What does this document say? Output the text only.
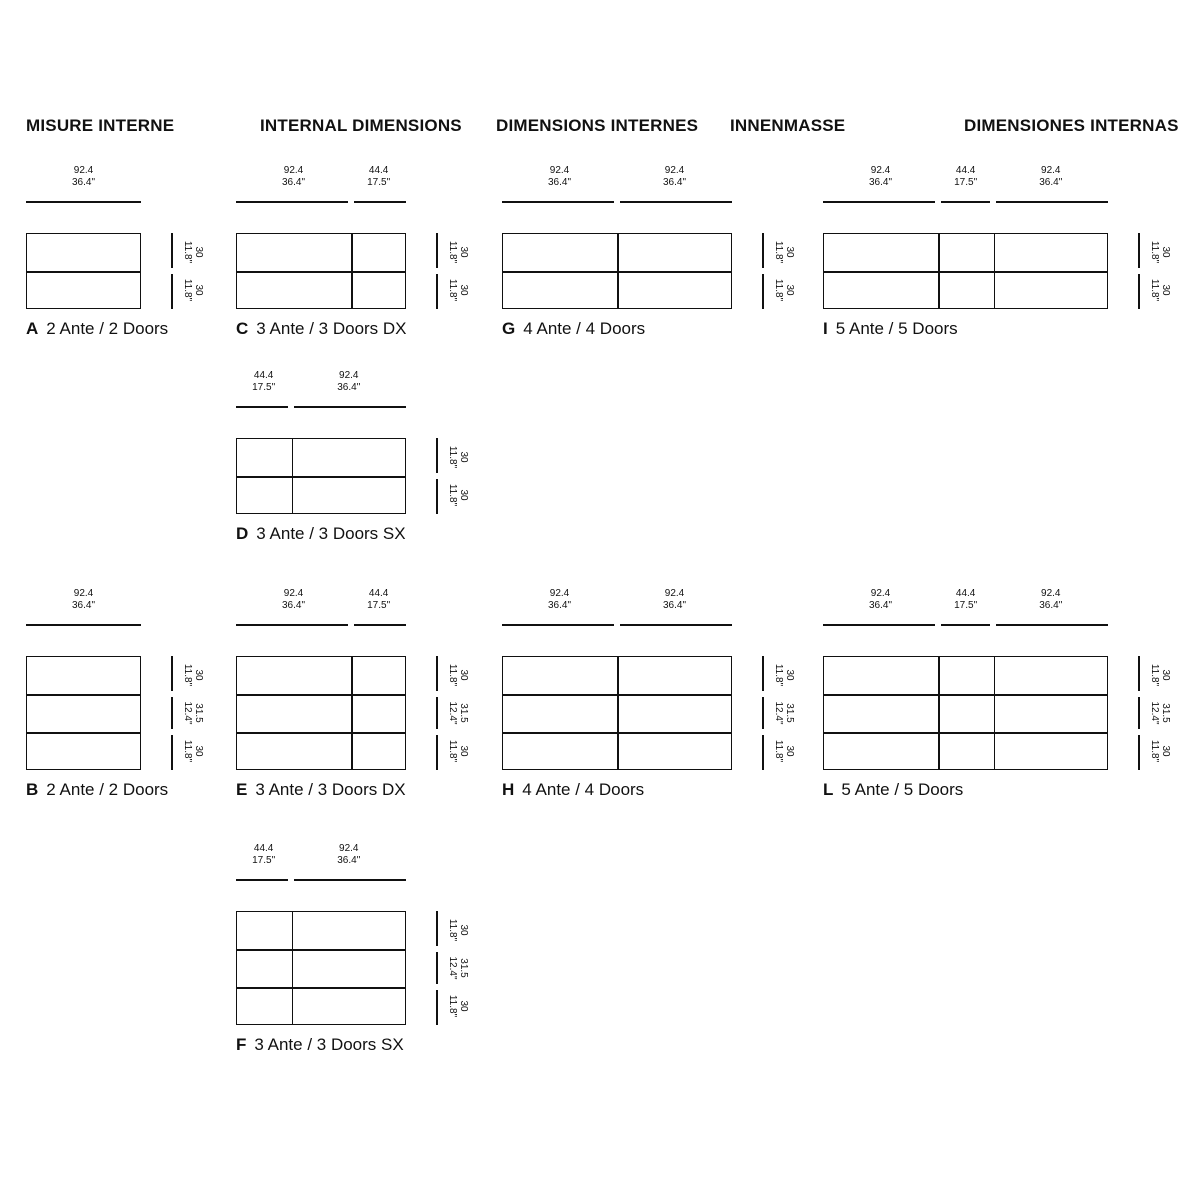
MISURE INTERNE	INTERNAL DIMENSIONS DIMENSIONS INTERNES INNENMASSE	DIMENSIONES INTERNAS
92.4
36.4"
30
11.8"
30
11.8"
A 2 Ante / 2 Doors
92.4
36.4"
44.4
17.5"
30
11.8"
30
11.8"
C 3 Ante / 3 Doors DX
92.4
36.4"
92.4
36.4"
30
11.8"
30
11.8"
G 4 Ante / 4 Doors
92.4
36.4"
44.4
17.5"
92.4
36.4"
30
11.8"
30
11.8"
I 5 Ante / 5 Doors
44.4
17.5"
92.4
36.4"
30
11.8"
30
11.8"
D 3 Ante / 3 Doors SX
92.4
36.4"
30
11.8"
31.5
12.4"
30
11.8"
B 2 Ante / 2 Doors
92.4
36.4"
44.4
17.5"
30
11.8"
31.5
12.4"
30
11.8"
E 3 Ante / 3 Doors DX
92.4
36.4"
92.4
36.4"
30
11.8"
31.5
12.4"
30
11.8"
H 4 Ante / 4 Doors
92.4
36.4"
44.4
17.5"
92.4
36.4"
30
11.8"
31.5
12.4"
30
11.8"
L 5 Ante / 5 Doors
44.4
17.5"
92.4
36.4"
30
11.8"
31.5
12.4"
30
11.8"
F 3 Ante / 3 Doors SX
